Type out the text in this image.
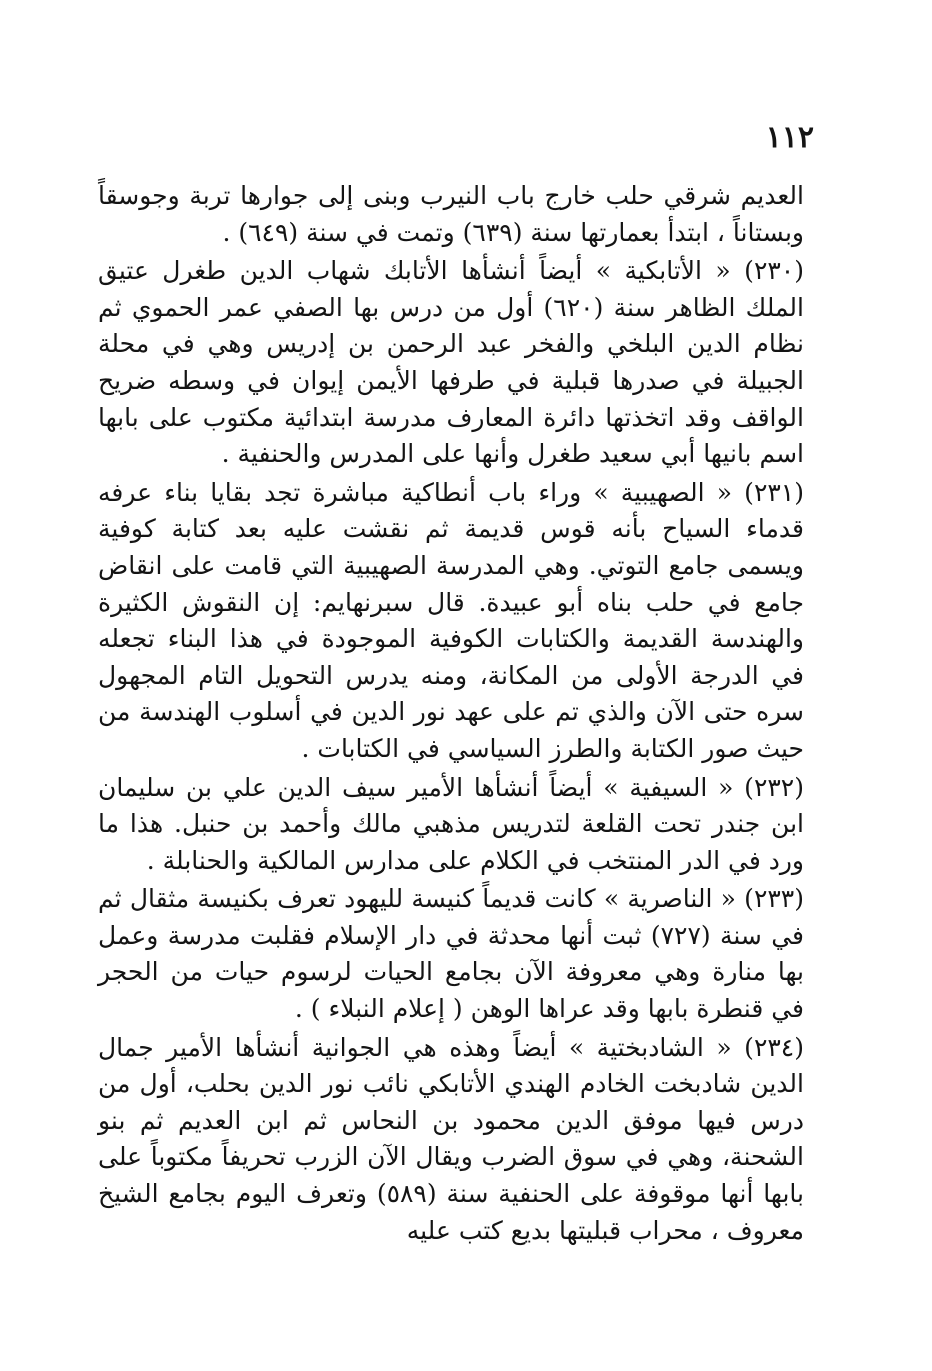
١١٢

العديم شرقي حلب خارج باب النيرب وبنى إلى جوارها تربة وجوسقاً وبستاناً ، ابتدأ بعمارتها سنة (٦٣٩) وتمت في سنة (٦٤٩) .

(٢٣٠) « الأتابكية » أيضاً أنشأها الأتابك شهاب الدين طغرل عتيق الملك الظاهر سنة (٦٢٠) أول من درس بها الصفي عمر الحموي ثم نظام الدين البلخي والفخر عبد الرحمن بن إدريس وهي في محلة الجبيلة في صدرها قبلية في طرفها الأيمن إيوان في وسطه ضريح الواقف وقد اتخذتها دائرة المعارف مدرسة ابتدائية مكتوب على بابها اسم بانيها أبي سعيد طغرل وأنها على المدرس والحنفية .

(٢٣١) « الصهيبية » وراء باب أنطاكية مباشرة تجد بقايا بناء عرفه قدماء السياح بأنه قوس قديمة ثم نقشت عليه بعد كتابة كوفية ويسمى جامع التوتي. وهي المدرسة الصهيبية التي قامت على انقاض جامع في حلب بناه أبو عبيدة. قال سبرنهايم: إن النقوش الكثيرة والهندسة القديمة والكتابات الكوفية الموجودة في هذا البناء تجعله في الدرجة الأولى من المكانة، ومنه يدرس التحويل التام المجهول سره حتى الآن والذي تم على عهد نور الدين في أسلوب الهندسة من حيث صور الكتابة والطرز السياسي في الكتابات .

(٢٣٢) « السيفية » أيضاً أنشأها الأمير سيف الدين علي بن سليمان ابن جندر تحت القلعة لتدريس مذهبي مالك وأحمد بن حنبل. هذا ما ورد في الدر المنتخب في الكلام على مدارس المالكية والحنابلة .

(٢٣٣) « الناصرية » كانت قديماً كنيسة لليهود تعرف بكنيسة مثقال ثم في سنة (٧٢٧) ثبت أنها محدثة في دار الإسلام فقلبت مدرسة وعمل بها منارة وهي معروفة الآن بجامع الحيات لرسوم حيات من الحجر في قنطرة بابها وقد عراها الوهن ( إعلام النبلاء ) .

(٢٣٤) « الشادبختية » أيضاً وهذه هي الجوانية أنشأها الأمير جمال الدين شادبخت الخادم الهندي الأتابكي نائب نور الدين بحلب، أول من درس فيها موفق الدين محمود بن النحاس ثم ابن العديم ثم بنو الشحنة، وهي في سوق الضرب ويقال الآن الزرب تحريفاً مكتوباً على بابها أنها موقوفة على الحنفية سنة (٥٨٩) وتعرف اليوم بجامع الشيخ معروف ، محراب قبليتها بديع كتب عليه
